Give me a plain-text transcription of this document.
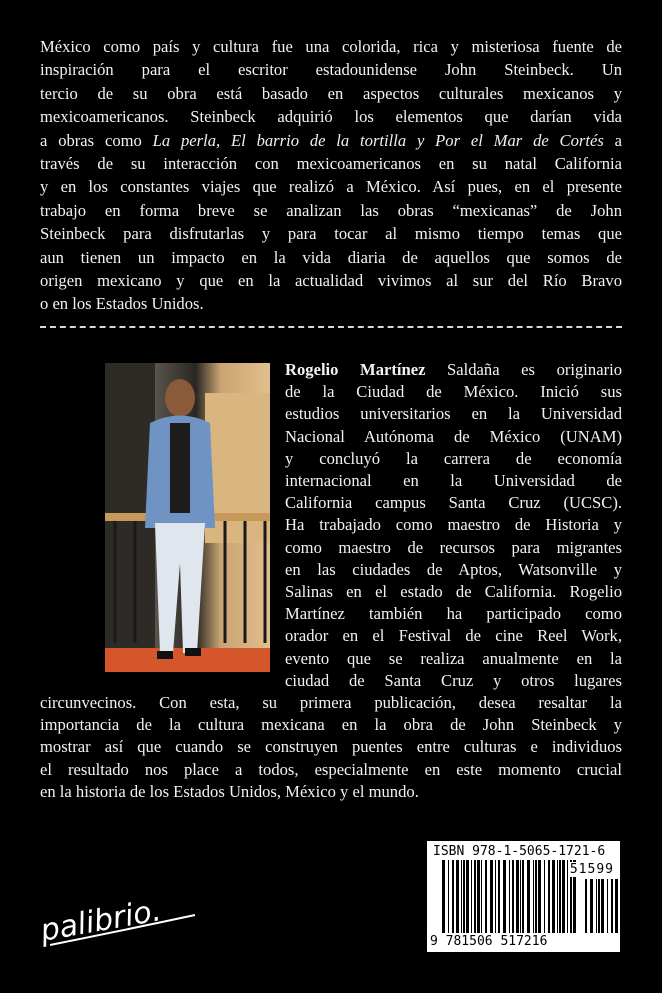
México como país y cultura fue una colorida, rica y misteriosa fuente de
inspiración para el escritor estadounidense John Steinbeck. Un
tercio de su obra está basado en aspectos culturales mexicanos y
mexicoamericanos. Steinbeck adquirió los elementos que darían vida
a obras como La perla, El barrio de la tortilla y Por el Mar de Cortés a
través de su interacción con mexicoamericanos en su natal California
y en los constantes viajes que realizó a México. Así pues, en el presente
trabajo en forma breve se analizan las obras “mexicanas” de John
Steinbeck para disfrutarlas y para tocar al mismo tiempo temas que
aun tienen un impacto en la vida diaria de aquellos que somos de
origen mexicano y que en la actualidad vivimos al sur del Río Bravo
o en los Estados Unidos.
Rogelio Martínez Saldaña es originario
de la Ciudad de México. Inició sus
estudios universitarios en la Universidad
Nacional Autónoma de México (UNAM)
y concluyó la carrera de economía
internacional en la Universidad de
California campus Santa Cruz (UCSC).
Ha trabajado como maestro de Historia y
como maestro de recursos para migrantes
en las ciudades de Aptos, Watsonville y
Salinas en el estado de California. Rogelio
Martínez también ha participado como
orador en el Festival de cine Reel Work,
evento que se realiza anualmente en la
ciudad de Santa Cruz y otros lugares
circunvecinos. Con esta, su primera publicación, desea resaltar la
importancia de la cultura mexicana en la obra de John Steinbeck y
mostrar así que cuando se construyen puentes entre culturas e individuos
el resultado nos place a todos, especialmente en este momento crucial
en la historia de los Estados Unidos, México y el mundo.
ISBN 978-1-5065-1721-6
51599
9 781506 517216
palibrio.
